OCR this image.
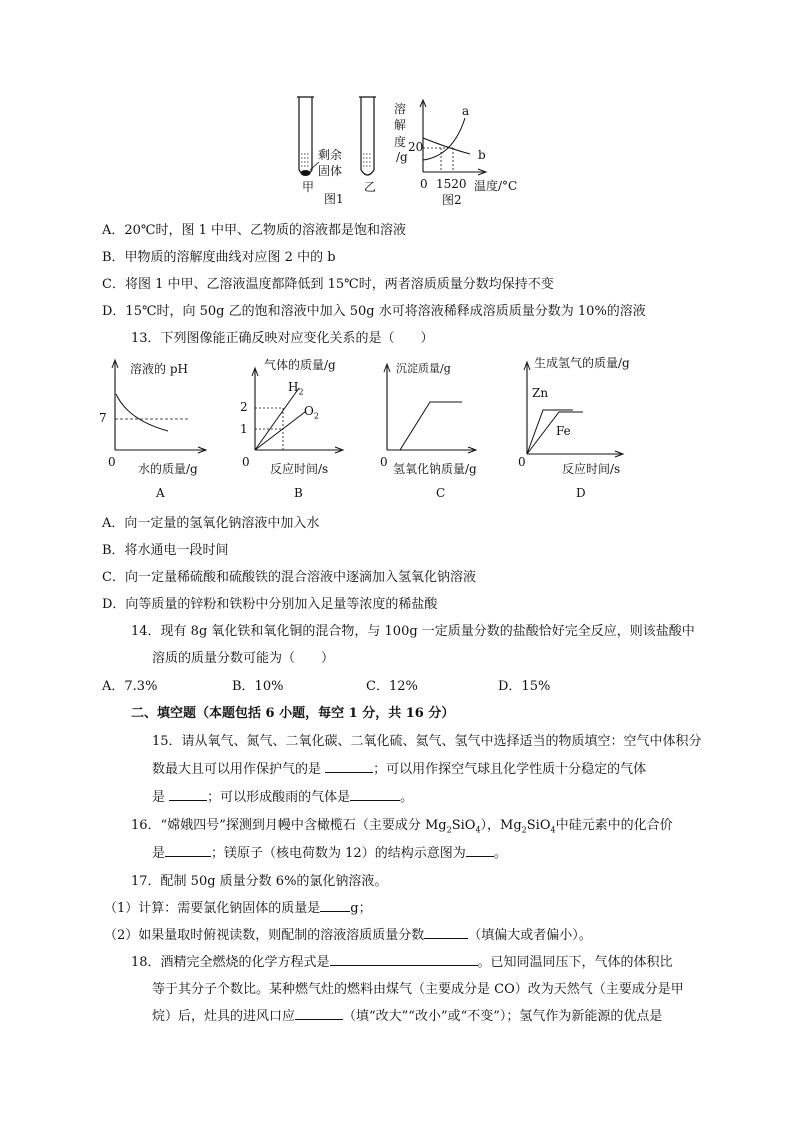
剩余
固体
甲	乙
图1
溶
解
度
/g
a
b
20
0 1520 温度/°C
图2
A．20℃时，图 1 中甲、乙物质的溶液都是饱和溶液
B．甲物质的溶解度曲线对应图 2 中的 b
C．将图 1 中甲、乙溶液温度都降低到 15℃时，两者溶质质量分数均保持不变
D．15℃时，向 50g 乙的饱和溶液中加入 50g 水可将溶液稀释成溶质质量分数为 10%的溶液
13．下列图像能正确反映对应变化关系的是（　　）
溶液的 pH
7
0 水的质量/g
A
气体的质量/g
2
1
$H_2$
$O_2$
0 反应时间/s
B
沉淀质量/g
0 氢氧化钠质量/g
C
生成氢气的质量/g
Zn
Fe
0	反应时间/s
D
A．向一定量的氢氧化钠溶液中加入水
B．将水通电一段时间
C．向一定量稀硫酸和硫酸铁的混合溶液中逐滴加入氢氧化钠溶液
D．向等质量的锌粉和铁粉中分别加入足量等浓度的稀盐酸
14．现有 8g 氧化铁和氧化铜的混合物，与 100g 一定质量分数的盐酸恰好完全反应，则该盐酸中
溶质的质量分数可能为（　　）
A．7.3%	B．10%	C．12%	D．15%
二、填空题（本题包括 6 小题，每空 1 分，共 16 分）
15．请从氧气、氮气、二氧化碳、二氧化硫、氦气、氢气中选择适当的物质填空：空气中体积分
数最大且可以用作保护气的是	；可以用作探空气球且化学性质十分稳定的气体
是	；可以形成酸雨的气体是	。
16．“嫦娥四号”探测到月幔中含橄榄石（主要成分 $Mg_2SiO_4$），$Mg_2SiO_4$中硅元素中的化合价
是	；镁原子（核电荷数为 12）的结构示意图为 。
17．配制 50g 质量分数 6%的氯化钠溶液。
（1）计算：需要氯化钠固体的质量是 g；
（2）如果量取时俯视读数，则配制的溶液溶质质量分数	（填偏大或者偏小）。
18．酒精完全燃烧的化学方程式是	。已知同温同压下，气体的体积比
等于其分子个数比。某种燃气灶的燃料由煤气（主要成分是 CO）改为天然气（主要成分是甲
烷）后，灶具的进风口应	（填“改大”“改小”或“不变”）；氢气作为新能源的优点是
